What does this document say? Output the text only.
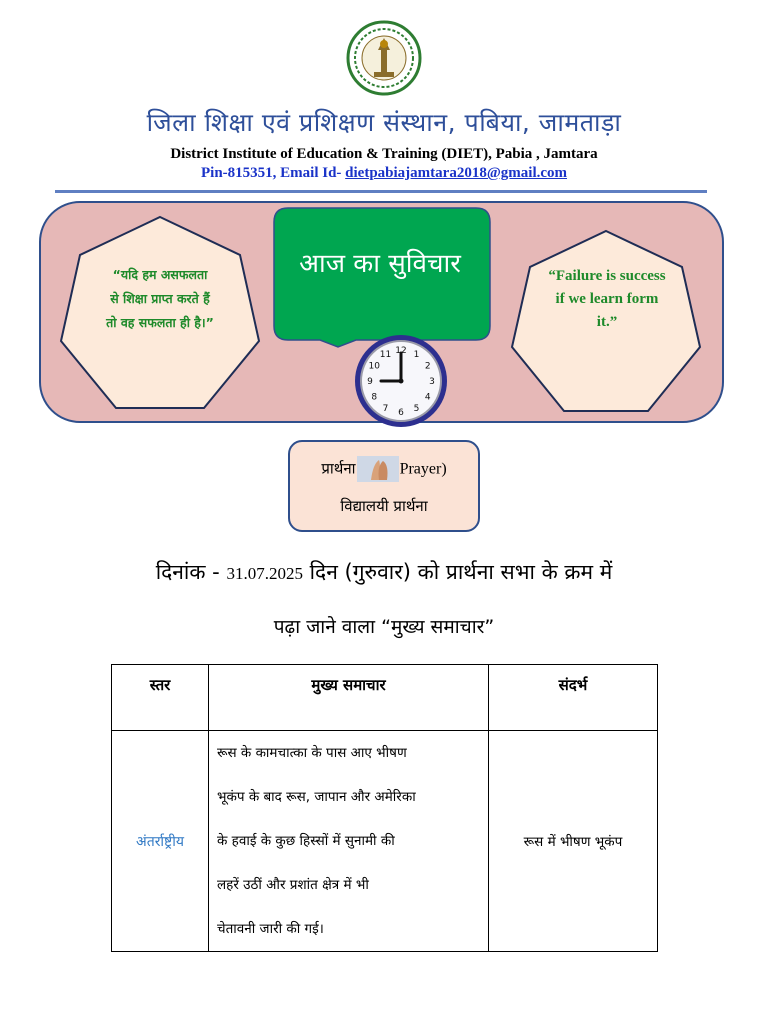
जिला शिक्षा एवं प्रशिक्षण संस्थान, पबिया, जामताड़ा
District Institute of Education & Training (DIET), Pabia , Jamtara
Pin-815351, Email Id- dietpabiajamtara2018@gmail.com
12 1
2
3
4
5
6
7
8
9
10
11
आज का सुविचार
“यदि हम असफलता
से शिक्षा प्राप्त करते हैं
तो वह सफलता ही है।”
“Failure is success
if we learn form
it.”
प्रार्थना	Prayer)
विद्यालयी प्रार्थना
दिनांक - 31.07.2025 दिन (गुरुवार) को प्रार्थना सभा के क्रम में
पढ़ा जाने वाला “मुख्य समाचार”
स्तर	मुख्य समाचार	संदर्भ
अंतर्राष्ट्रीय	रूस के कामचात्का के पास आए भीषण
भूकंप के बाद रूस, जापान और अमेरिका
के हवाई के कुछ हिस्सों में सुनामी की
लहरें उठीं और प्रशांत क्षेत्र में भी
चेतावनी जारी की गई।	रूस में भीषण भूकंप
